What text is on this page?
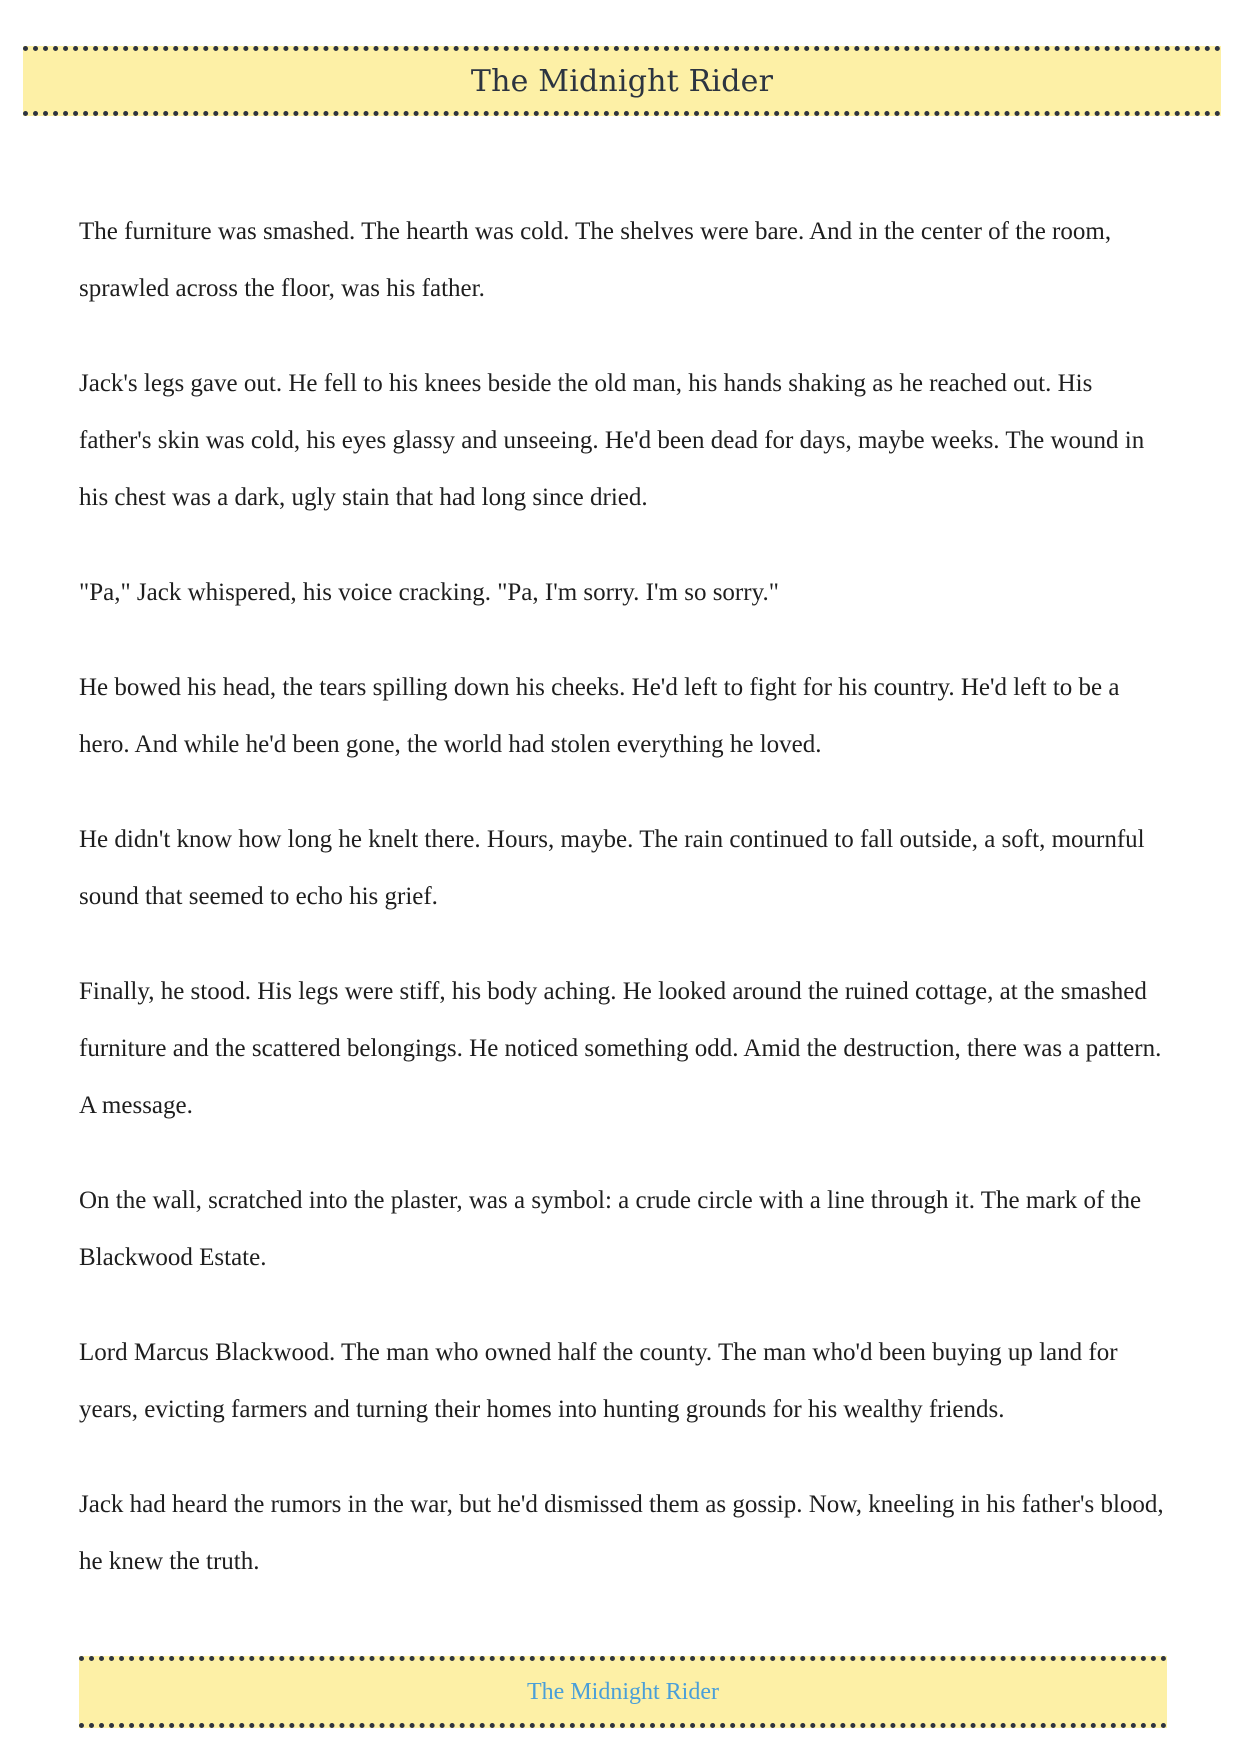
The Midnight Rider

The furniture was smashed. The hearth was cold. The shelves were bare. And in the center of the room, sprawled across the floor, was his father.

Jack's legs gave out. He fell to his knees beside the old man, his hands shaking as he reached out. His father's skin was cold, his eyes glassy and unseeing. He'd been dead for days, maybe weeks. The wound in his chest was a dark, ugly stain that had long since dried.

"Pa," Jack whispered, his voice cracking. "Pa, I'm sorry. I'm so sorry."

He bowed his head, the tears spilling down his cheeks. He'd left to fight for his country. He'd left to be a hero. And while he'd been gone, the world had stolen everything he loved.

He didn't know how long he knelt there. Hours, maybe. The rain continued to fall outside, a soft, mournful sound that seemed to echo his grief.

Finally, he stood. His legs were stiff, his body aching. He looked around the ruined cottage, at the smashed furniture and the scattered belongings. He noticed something odd. Amid the destruction, there was a pattern. A message.

On the wall, scratched into the plaster, was a symbol: a crude circle with a line through it. The mark of the Blackwood Estate.

Lord Marcus Blackwood. The man who owned half the county. The man who'd been buying up land for years, evicting farmers and turning their homes into hunting grounds for his wealthy friends.

Jack had heard the rumors in the war, but he'd dismissed them as gossip. Now, kneeling in his father's blood, he knew the truth.

The Midnight Rider
